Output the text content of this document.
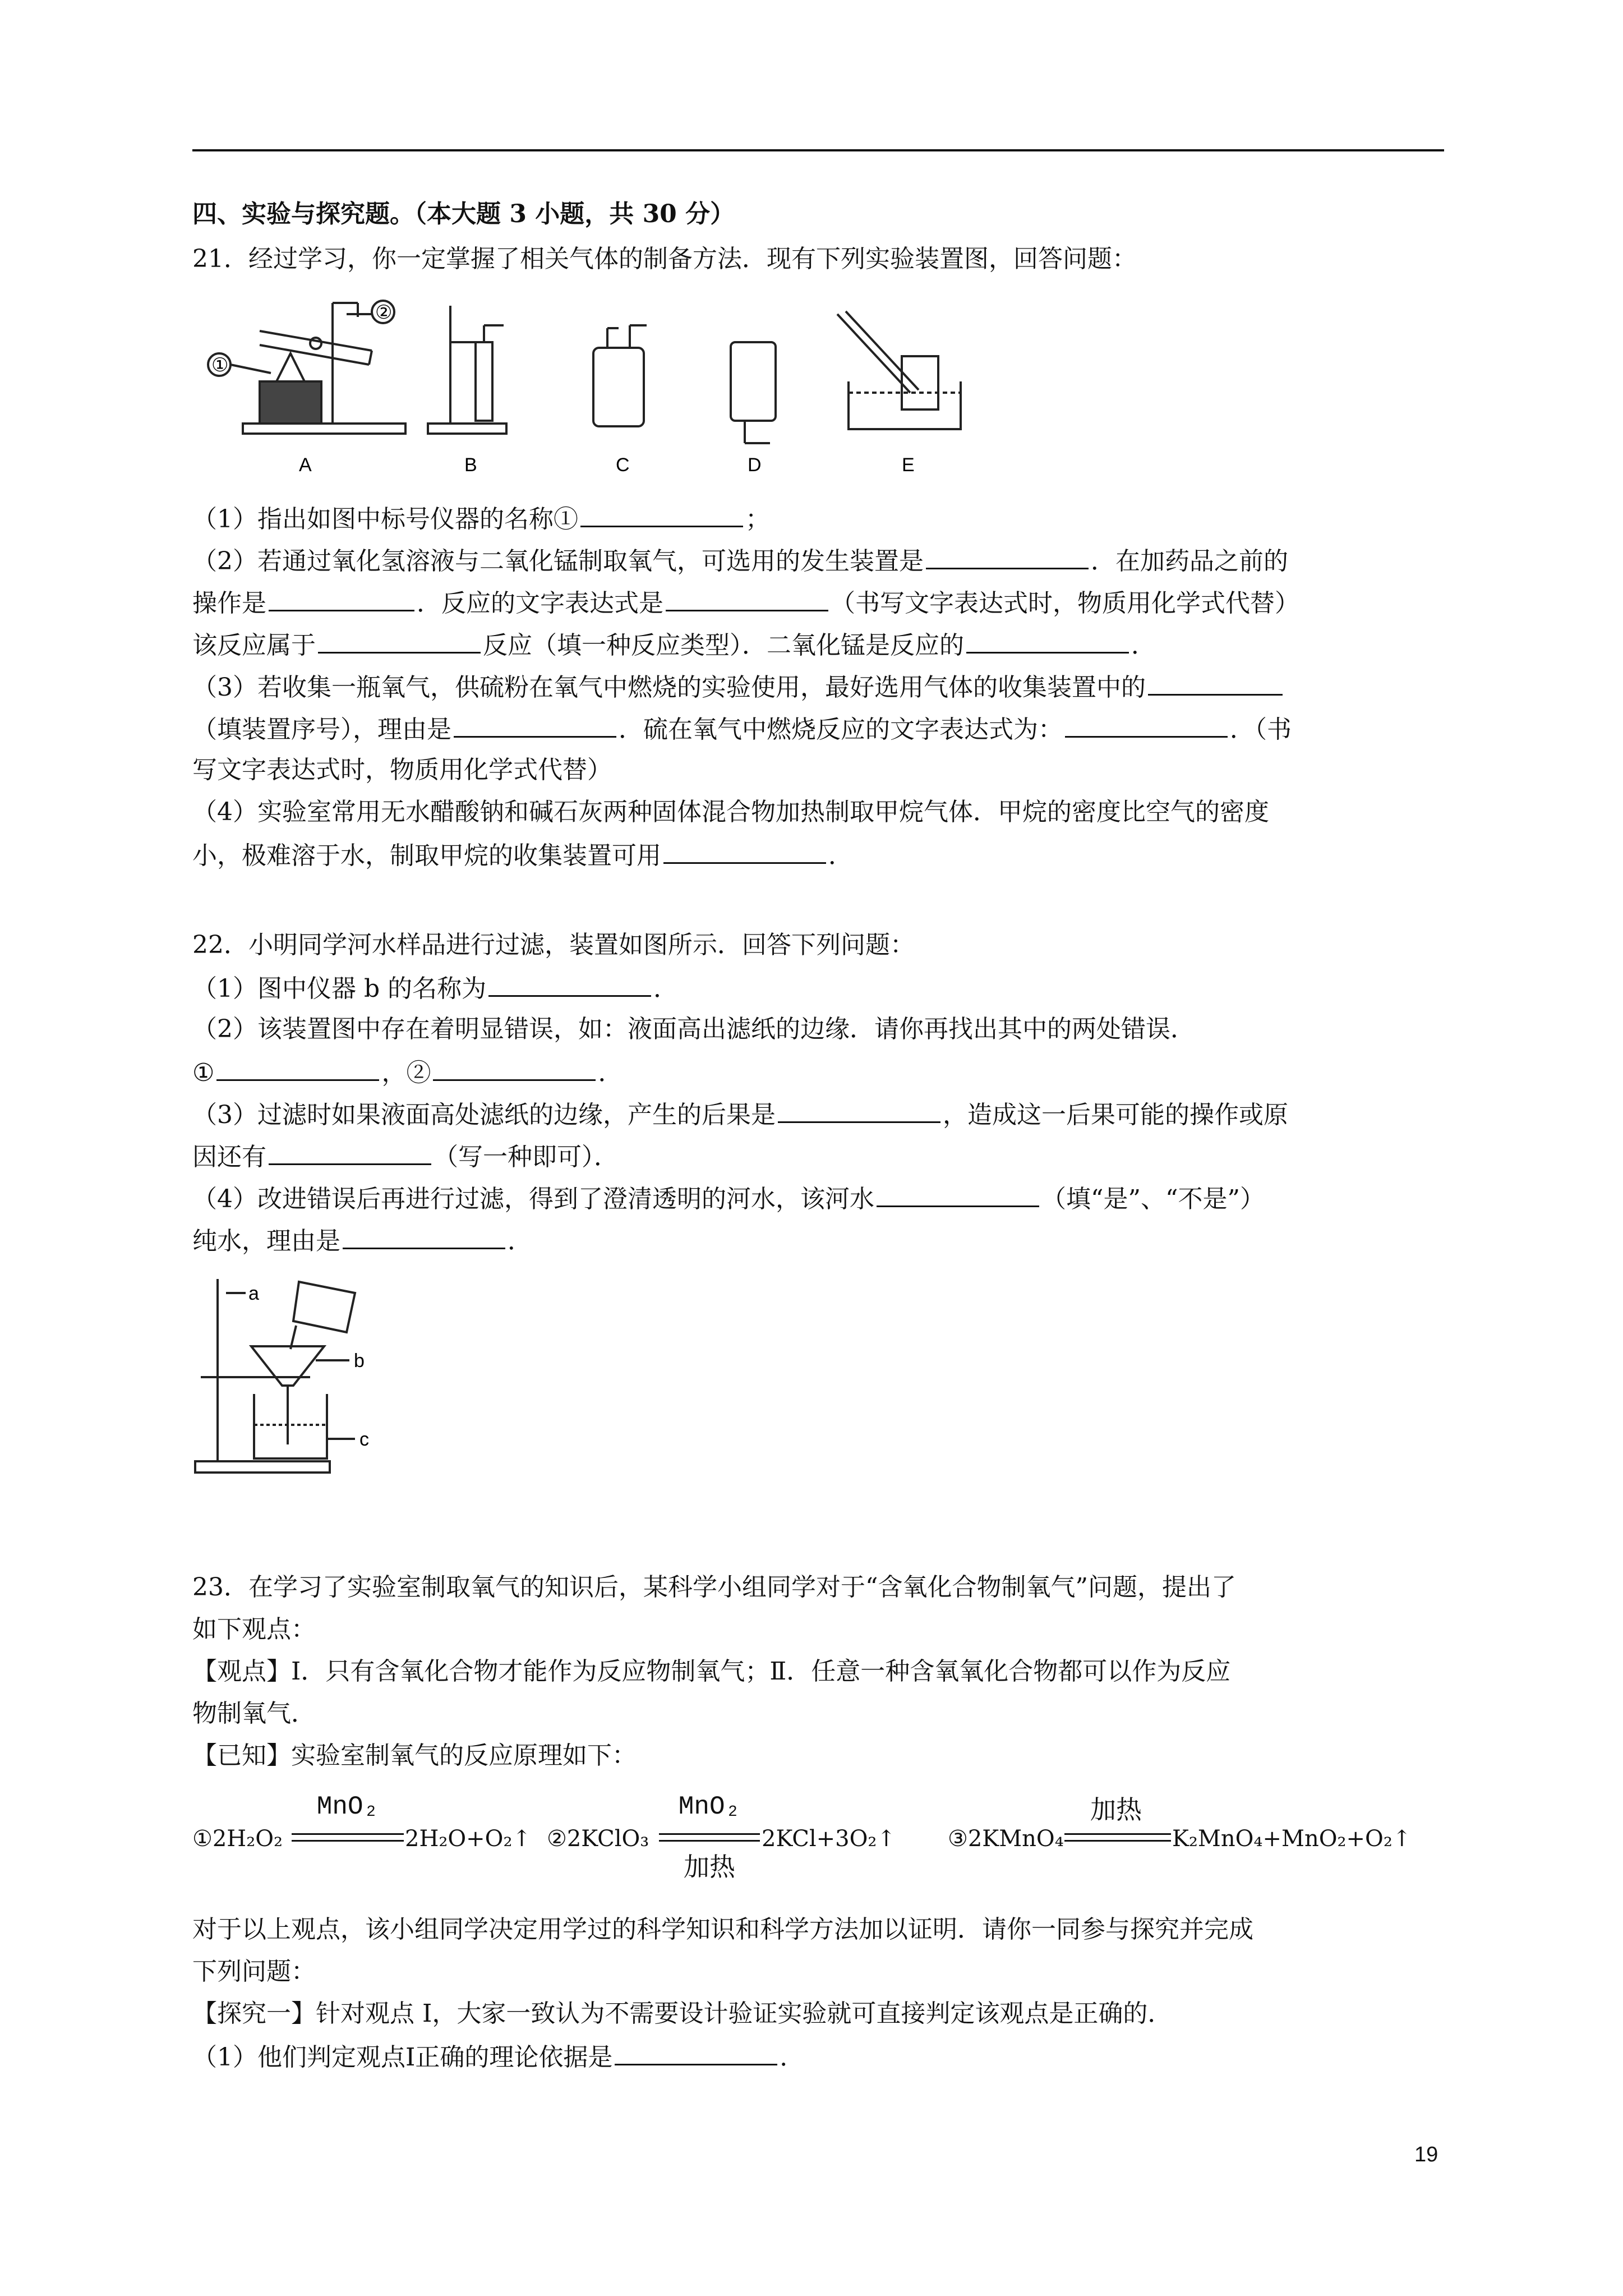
四、实验与探究题。（本大题 3 小题，共 30 分）
21．经过学习，你一定掌握了相关气体的制备方法．现有下列实验装置图，回答问题：
①
②
A	B	C	D	E
（1）指出如图中标号仪器的名称①	；
（2）若通过氧化氢溶液与二氧化锰制取氧气，可选用的发生装置是	．在加药品之前的
操作是	．反应的文字表达式是	（书写文字表达式时，物质用化学式代替）
该反应属于	反应（填一种反应类型）．二氧化锰是反应的	．
（3）若收集一瓶氧气，供硫粉在氧气中燃烧的实验使用，最好选用气体的收集装置中的
（填装置序号），理由是	．硫在氧气中燃烧反应的文字表达式为：	．（书
写文字表达式时，物质用化学式代替）
（4）实验室常用无水醋酸钠和碱石灰两种固体混合物加热制取甲烷气体．甲烷的密度比空气的密度
小，极难溶于水，制取甲烷的收集装置可用	．
22．小明同学河水样品进行过滤，装置如图所示．回答下列问题：
（1）图中仪器 b 的名称为	．
（2）该装置图中存在着明显错误，如：液面高出滤纸的边缘．请你再找出其中的两处错误．
①	，②	．
（3）过滤时如果液面高处滤纸的边缘，产生的后果是	，造成这一后果可能的操作或原
因还有	（写一种即可）．
（4）改进错误后再进行过滤，得到了澄清透明的河水，该河水	（填“是”、“不是”）
纯水，理由是	．
a
b
c
23．在学习了实验室制取氧气的知识后，某科学小组同学对于“含氧化合物制氧气”问题，提出了
如下观点：
【观点】Ⅰ．只有含氧化合物才能作为反应物制氧气；Ⅱ．任意一种含氧氧化合物都可以作为反应
物制氧气．
【已知】实验室制氧气的反应原理如下：
①2H₂O₂
MnO₂
2H₂O+O₂↑ ②2KClO₃
MnO₂
加热
2KCl+3O₂↑ ③2KMnO₄
加热
K₂MnO₄+MnO₂+O₂↑
对于以上观点，该小组同学决定用学过的科学知识和科学方法加以证明．请你一同参与探究并完成
下列问题：
【探究一】针对观点 I，大家一致认为不需要设计验证实验就可直接判定该观点是正确的．
（1）他们判定观点Ⅰ正确的理论依据是	．
19
